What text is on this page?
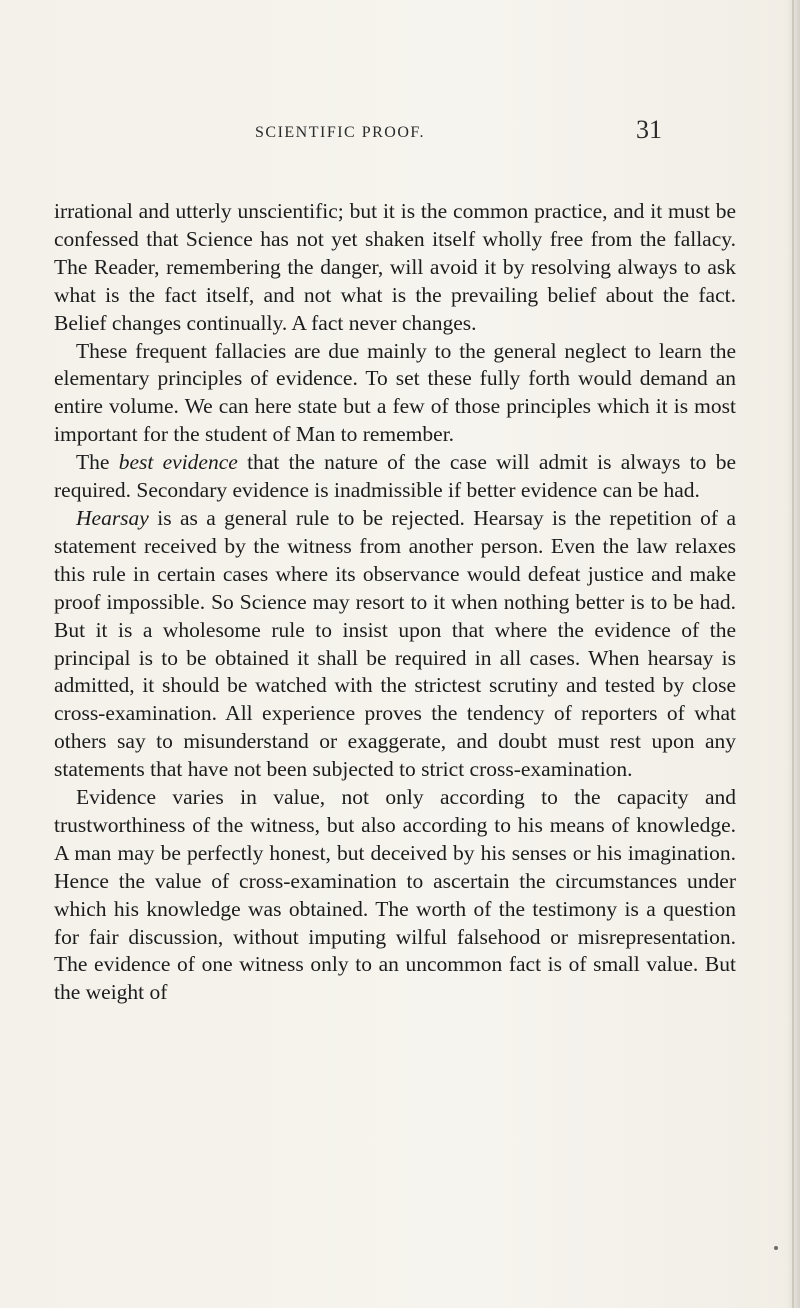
SCIENTIFIC PROOF.	31

irrational and utterly unscientific; but it is the common practice, and it must be confessed that Science has not yet shaken itself wholly free from the fallacy. The Reader, remembering the danger, will avoid it by resolving always to ask what is the fact itself, and not what is the prevailing belief about the fact. Belief changes continually. A fact never changes.

These frequent fallacies are due mainly to the general neglect to learn the elementary principles of evidence. To set these fully forth would demand an entire volume. We can here state but a few of those principles which it is most important for the student of Man to remember.

The best evidence that the nature of the case will admit is always to be required. Secondary evidence is inadmissible if better evidence can be had.

Hearsay is as a general rule to be rejected. Hearsay is the repetition of a statement received by the witness from another person. Even the law relaxes this rule in certain cases where its observance would defeat justice and make proof impossible. So Science may resort to it when nothing better is to be had. But it is a wholesome rule to insist upon that where the evidence of the principal is to be obtained it shall be required in all cases. When hearsay is admitted, it should be watched with the strictest scrutiny and tested by close cross-examination. All experience proves the tendency of reporters of what others say to misunderstand or exaggerate, and doubt must rest upon any statements that have not been subjected to strict cross-examination.

Evidence varies in value, not only according to the capacity and trustworthiness of the witness, but also according to his means of knowledge. A man may be perfectly honest, but deceived by his senses or his imagination. Hence the value of cross-examination to ascertain the circumstances under which his knowledge was obtained. The worth of the testimony is a question for fair discussion, without imputing wilful falsehood or misrepresentation. The evidence of one witness only to an uncommon fact is of small value. But the weight of
